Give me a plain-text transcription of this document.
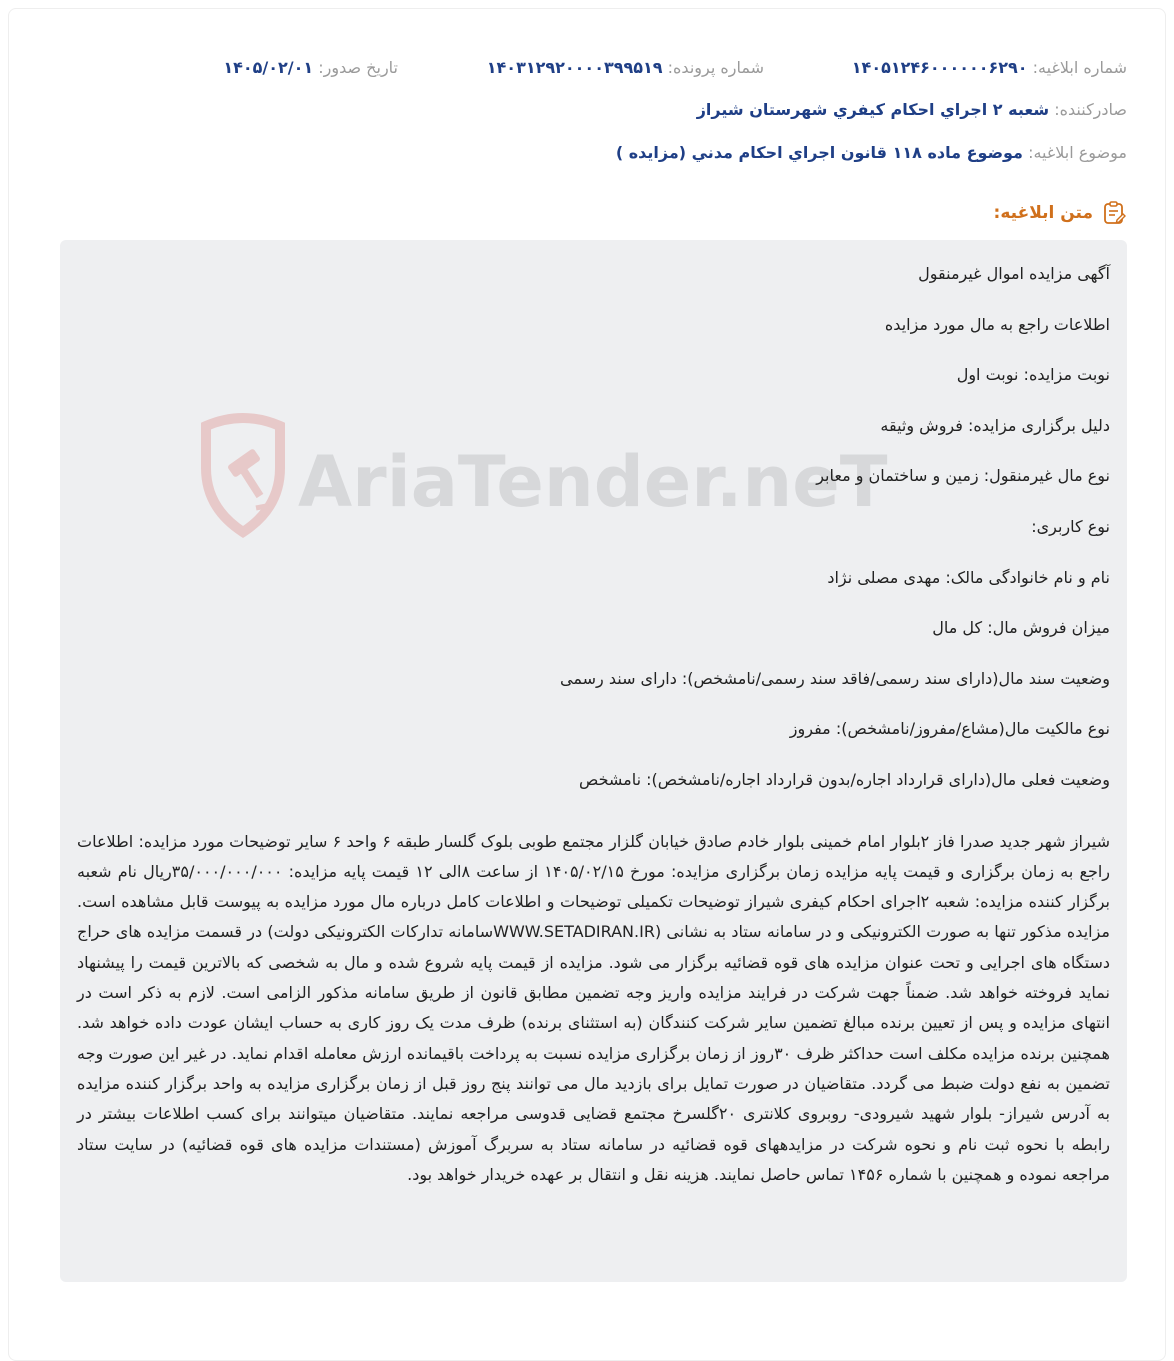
شماره ابلاغیه: ۱۴۰۵۱۲۴۶۰۰۰۰۰۰۶۲۹۰
شماره پرونده: ۱۴۰۳۱۲۹۲۰۰۰۰۳۹۹۵۱۹
تاریخ صدور: ۱۴۰۵/۰۲/۰۱
صادرکننده: شعبه ۲ اجراي احکام کيفري شهرستان شيراز
موضوع ابلاغیه: موضوع ماده ۱۱۸ قانون اجراي احکام مدني (مزايده )
متن ابلاغیه:
AriaTender.neT
آگهی مزایده اموال غیرمنقول
اطلاعات راجع به مال مورد مزایده
نوبت مزایده: نوبت اول
دلیل برگزاری مزایده: فروش وثیقه
نوع مال غیرمنقول: زمین و ساختمان و معابر
نوع کاربری:
نام و نام خانوادگی مالک: مهدی مصلی نژاد
میزان فروش مال: کل مال
وضعیت سند مال(دارای سند رسمی/فاقد سند رسمی/نامشخص): دارای سند رسمی
نوع مالکیت مال(مشاع/مفروز/نامشخص): مفروز
وضعیت فعلی مال(دارای قرارداد اجاره/بدون قرارداد اجاره/نامشخص): نامشخص
شیراز شهر جدید صدرا فاز ۲بلوار امام خمینی بلوار خادم صادق خیابان گلزار مجتمع طوبی بلوک گلسار طبقه ۶ واحد ۶ سایر توضیحات مورد مزایده: اطلاعات راجع به زمان برگزاری و قیمت پایه مزایده زمان برگزاری مزایده: مورخ ۱۴۰۵/۰۲/۱۵ از ساعت ۸الی ۱۲ قیمت پایه مزایده: ۳۵/۰۰۰/۰۰۰/۰۰۰ریال نام شعبه برگزار کننده مزایده: شعبه ۲اجرای احکام کیفری شیراز توضیحات تکمیلی توضیحات و اطلاعات کامل درباره مال مورد مزایده به پیوست قابل مشاهده است. مزایده مذکور تنها به صورت الکترونیکی و در سامانه ستاد به نشانی (WWW.SETADIRAN.IRسامانه تدارکات الکترونیکی دولت) در قسمت مزایده های حراج دستگاه های اجرایی و تحت عنوان مزایده های قوه قضائیه برگزار می شود. مزایده از قیمت پایه شروع شده و مال به شخصی که بالاترین قیمت را پیشنهاد نماید فروخته خواهد شد. ضمناً جهت شرکت در فرایند مزایده واریز وجه تضمین مطابق قانون از طریق سامانه مذکور الزامی است. لازم به ذکر است در انتهای مزایده و پس از تعیین برنده مبالغ تضمین سایر شرکت کنندگان (به استثنای برنده) ظرف مدت یک روز کاری به حساب ایشان عودت داده خواهد شد. همچنین برنده مزایده مکلف است حداکثر ظرف ۳۰روز از زمان برگزاری مزایده نسبت به پرداخت باقیمانده ارزش معامله اقدام نماید. در غیر این صورت وجه تضمین به نفع دولت ضبط می گردد. متقاضیان در صورت تمایل برای بازدید مال می توانند پنج روز قبل از زمان برگزاری مزایده به واحد برگزار کننده مزایده به آدرس شیراز- بلوار شهید شیرودی- روبروی کلانتری ۲۰گلسرخ مجتمع قضایی قدوسی مراجعه نمایند. متقاضیان میتوانند برای کسب اطلاعات بیشتر در رابطه با نحوه ثبت نام و نحوه شرکت در مزایدههای قوه قضائیه در سامانه ستاد به سربرگ آموزش (مستندات مزایده های قوه قضائیه) در سایت ستاد مراجعه نموده و همچنین با شماره ۱۴۵۶ تماس حاصل نمایند. هزینه نقل و انتقال بر عهده خریدار خواهد بود.
